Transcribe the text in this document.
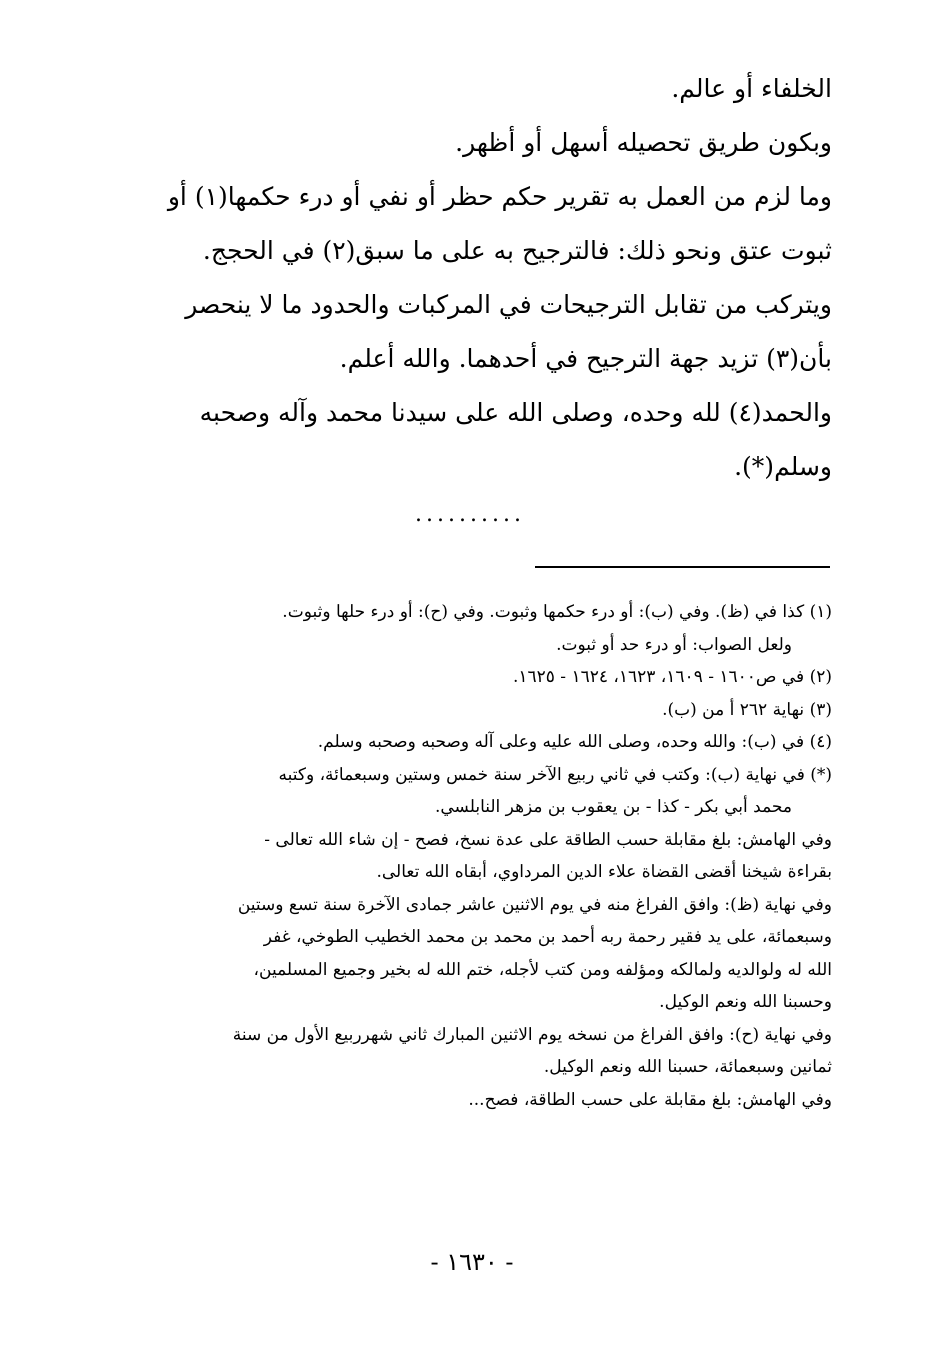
الخلفاء أو عالم.

وبكون طريق تحصيله أسهل أو أظهر.

وما لزم من العمل به تقرير حكم حظر أو نفي أو درء حكمها(١) أو
ثبوت عتق ونحو ذلك: فالترجيح به على ما سبق(٢) في الحجج.

ويتركب من تقابل الترجيحات في المركبات والحدود ما لا ينحصر
بأن(٣) تزيد جهة الترجيح في أحدهما. والله أعلم.

والحمد(٤) لله وحده، وصلى الله على سيدنا محمد وآله وصحبه
وسلم(*).

..........
(١) كذا في (ظ). وفي (ب): أو درء حكمها وثبوت. وفي (ح): أو درء حلها وثبوت.
ولعل الصواب: أو درء حد أو ثبوت.
(٢) في ص١٦٠٠ - ١٦٠٩، ١٦٢٣، ١٦٢٤ - ١٦٢٥.
(٣) نهاية ٢٦٢ أ من (ب).
(٤) في (ب): والله وحده، وصلى الله عليه وعلى آله وصحبه وصحبه وسلم.
(*) في نهاية (ب): وكتب في ثاني ربيع الآخر سنة خمس وستين وسبعمائة، وكتبه
محمد أبي بكر - كذا - بن يعقوب بن مزهر النابلسي.
وفي الهامش: بلغ مقابلة حسب الطاقة على عدة نسخ، فصح - إن شاء الله تعالى -
بقراءة شيخنا أقضى القضاة علاء الدين المرداوي، أبقاه الله تعالى.
وفي نهاية (ظ): وافق الفراغ منه في يوم الاثنين عاشر جمادى الآخرة سنة تسع وستين
وسبعمائة، على يد فقير رحمة ربه أحمد بن محمد بن محمد الخطيب الطوخي، غفر
الله له ولوالديه ولمالكه ومؤلفه ومن كتب لأجله، ختم الله له بخير وجميع المسلمين،
وحسبنا الله ونعم الوكيل.
وفي نهاية (ح): وافق الفراغ من نسخه يوم الاثنين المبارك ثاني شهرربيع الأول من سنة
ثمانين وسبعمائة، حسبنا الله ونعم الوكيل.
وفي الهامش: بلغ مقابلة على حسب الطاقة، فصح...
- ١٦٣٠ -
